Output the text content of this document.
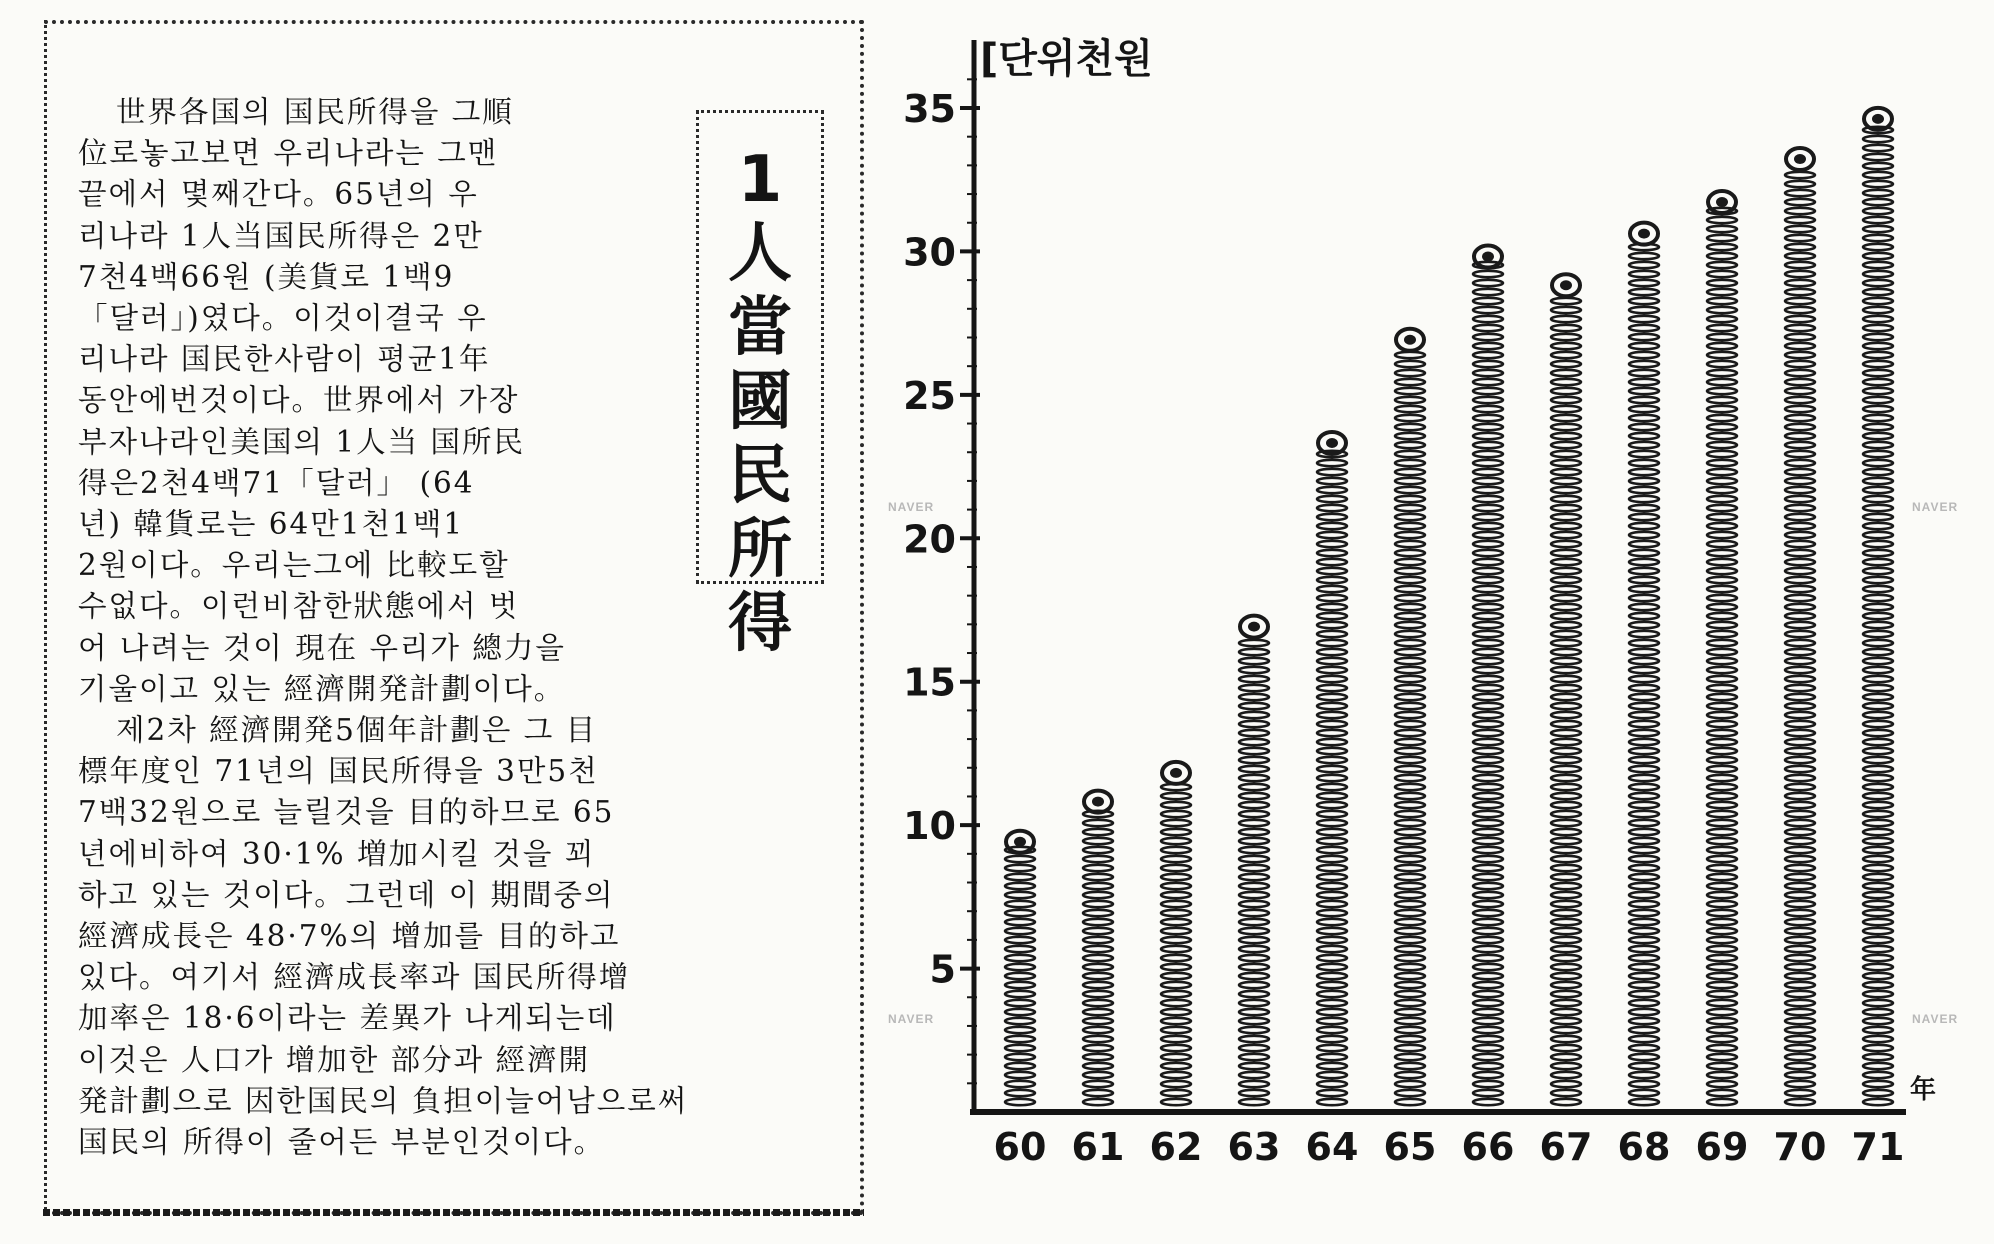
世界各国의 国民所得을 그順
位로놓고보면 우리나라는 그맨
끝에서 몇째간다。65년의 우
리나라 1人当国民所得은 2만
7천4백66원 (美貨로 1백9
「달러」)였다。이것이결국 우
리나라 国民한사람이 평균1年
동안에번것이다。世界에서 가장
부자나라인美国의 1人当 国所民
得은2천4백71「달러」 (64
년) 韓貨로는 64만1천1백1
2원이다。우리는그에 比較도할
수없다。이런비참한狀態에서 벗
어 나려는 것이 現在 우리가 總力을
기울이고 있는 經濟開発計劃이다。
제2차 經濟開発5個年計劃은 그 目
標年度인 71년의 国民所得을 3만5천
7백32원으로 늘릴것을 目的하므로 65
년에비하여 30·1% 増加시킬 것을 꾀
하고 있는 것이다。그런데 이 期間중의
經濟成長은 48·7%의 增加를 目的하고
있다。여기서 經濟成長率과 国民所得增
加率은 18·6이라는 差異가 나게되는데
이것은 人口가 增加한 部分과 經濟開
発計劃으로 因한国民의 負担이늘어남으로써
国民의 所得이 줄어든 부분인것이다。
1
人
當
國
民
所
得
NAVER
[단위천원
5
10
15
20
25
30
35
60 61 62 63 64 65 66 67 68 69 70 71
年
NAVER
NAVER	NAVER
